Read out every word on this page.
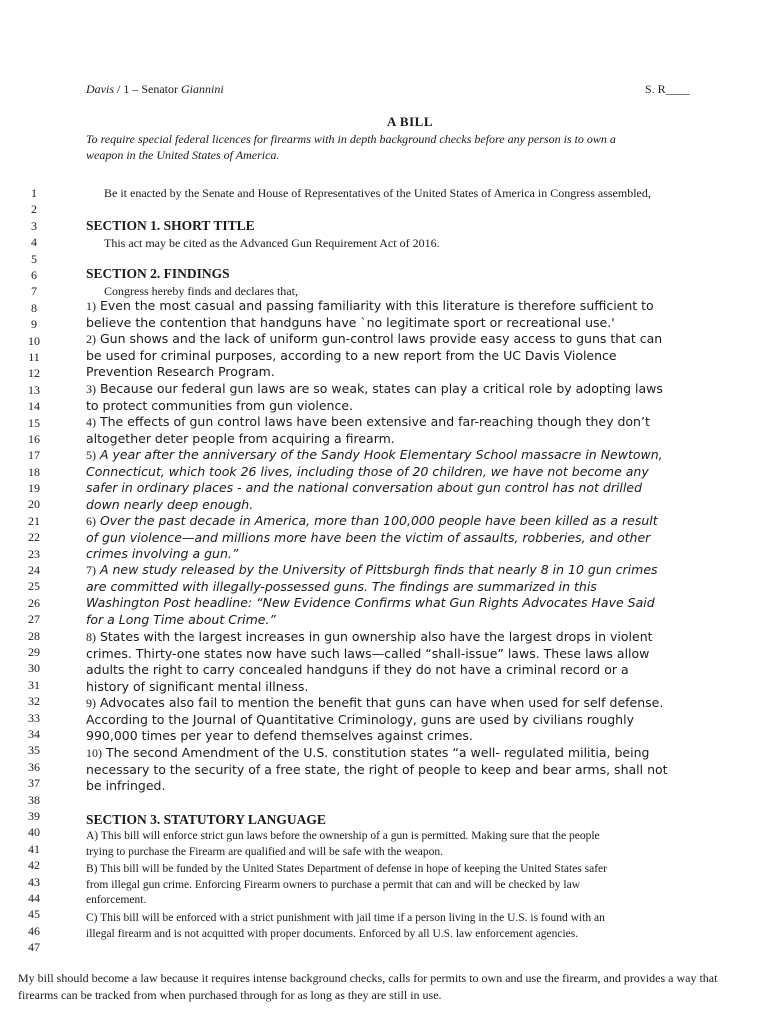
Davis / 1 – Senator Giannini	S. R____
A BILL
To require special federal licences for firearms with in depth background checks before any person is to own a
weapon in the United States of America.
1
2
3
4
5
6
7
8
9
10
11
12
13
14
15
16
17
18
19
20
21
22
23
24
25
26
27
28
29
30
31
32
33
34
35
36
37
38
39
40
41
42
43
44
45
46
47
Be it enacted by the Senate and House of Representatives of the United States of America in Congress assembled,
SECTION 1. SHORT TITLE
This act may be cited as the Advanced Gun Requirement Act of 2016.
SECTION 2. FINDINGS
Congress hereby finds and declares that,
1) Even the most casual and passing familiarity with this literature is therefore sufficient to
believe the contention that handguns have `no legitimate sport or recreational use.'
2) Gun shows and the lack of uniform gun-control laws provide easy access to guns that can
be used for criminal purposes, according to a new report from the UC Davis Violence
Prevention Research Program.
3) Because our federal gun laws are so weak, states can play a critical role by adopting laws
to protect communities from gun violence.
4) The effects of gun control laws have been extensive and far-reaching though they don’t
altogether deter people from acquiring a firearm.
5) A year after the anniversary of the Sandy Hook Elementary School massacre in Newtown,
Connecticut, which took 26 lives, including those of 20 children, we have not become any
safer in ordinary places - and the national conversation about gun control has not drilled
down nearly deep enough.
6) Over the past decade in America, more than 100,000 people have been killed as a result
of gun violence—and millions more have been the victim of assaults, robberies, and other
crimes involving a gun.”
7) A new study released by the University of Pittsburgh finds that nearly 8 in 10 gun crimes
are committed with illegally-possessed guns. The findings are summarized in this
Washington Post headline: “New Evidence Confirms what Gun Rights Advocates Have Said
for a Long Time about Crime.”
8) States with the largest increases in gun ownership also have the largest drops in violent
crimes. Thirty-one states now have such laws—called “shall-issue” laws. These laws allow
adults the right to carry concealed handguns if they do not have a criminal record or a
history of significant mental illness.
9) Advocates also fail to mention the benefit that guns can have when used for self defense.
According to the Journal of Quantitative Criminology, guns are used by civilians roughly
990,000 times per year to defend themselves against crimes.
10) The second Amendment of the U.S. constitution states “a well- regulated militia, being
necessary to the security of a free state, the right of people to keep and bear arms, shall not
be infringed.
SECTION 3. STATUTORY LANGUAGE
A) This bill will enforce strict gun laws before the ownership of a gun is permitted. Making sure that the people
trying to purchase the Firearm are qualified and will be safe with the weapon.
B) This bill will be funded by the United States Department of defense in hope of keeping the United States safer
from illegal gun crime. Enforcing Firearm owners to purchase a permit that can and will be checked by law
enforcement.
C) This bill will be enforced with a strict punishment with jail time if a person living in the U.S. is found with an
illegal firearm and is not acquitted with proper documents. Enforced by all U.S. law enforcement agencies.
My bill should become a law because it requires intense background checks, calls for permits to own and use the firearm, and provides a way that firearms can be tracked from when purchased through for as long as they are still in use.
